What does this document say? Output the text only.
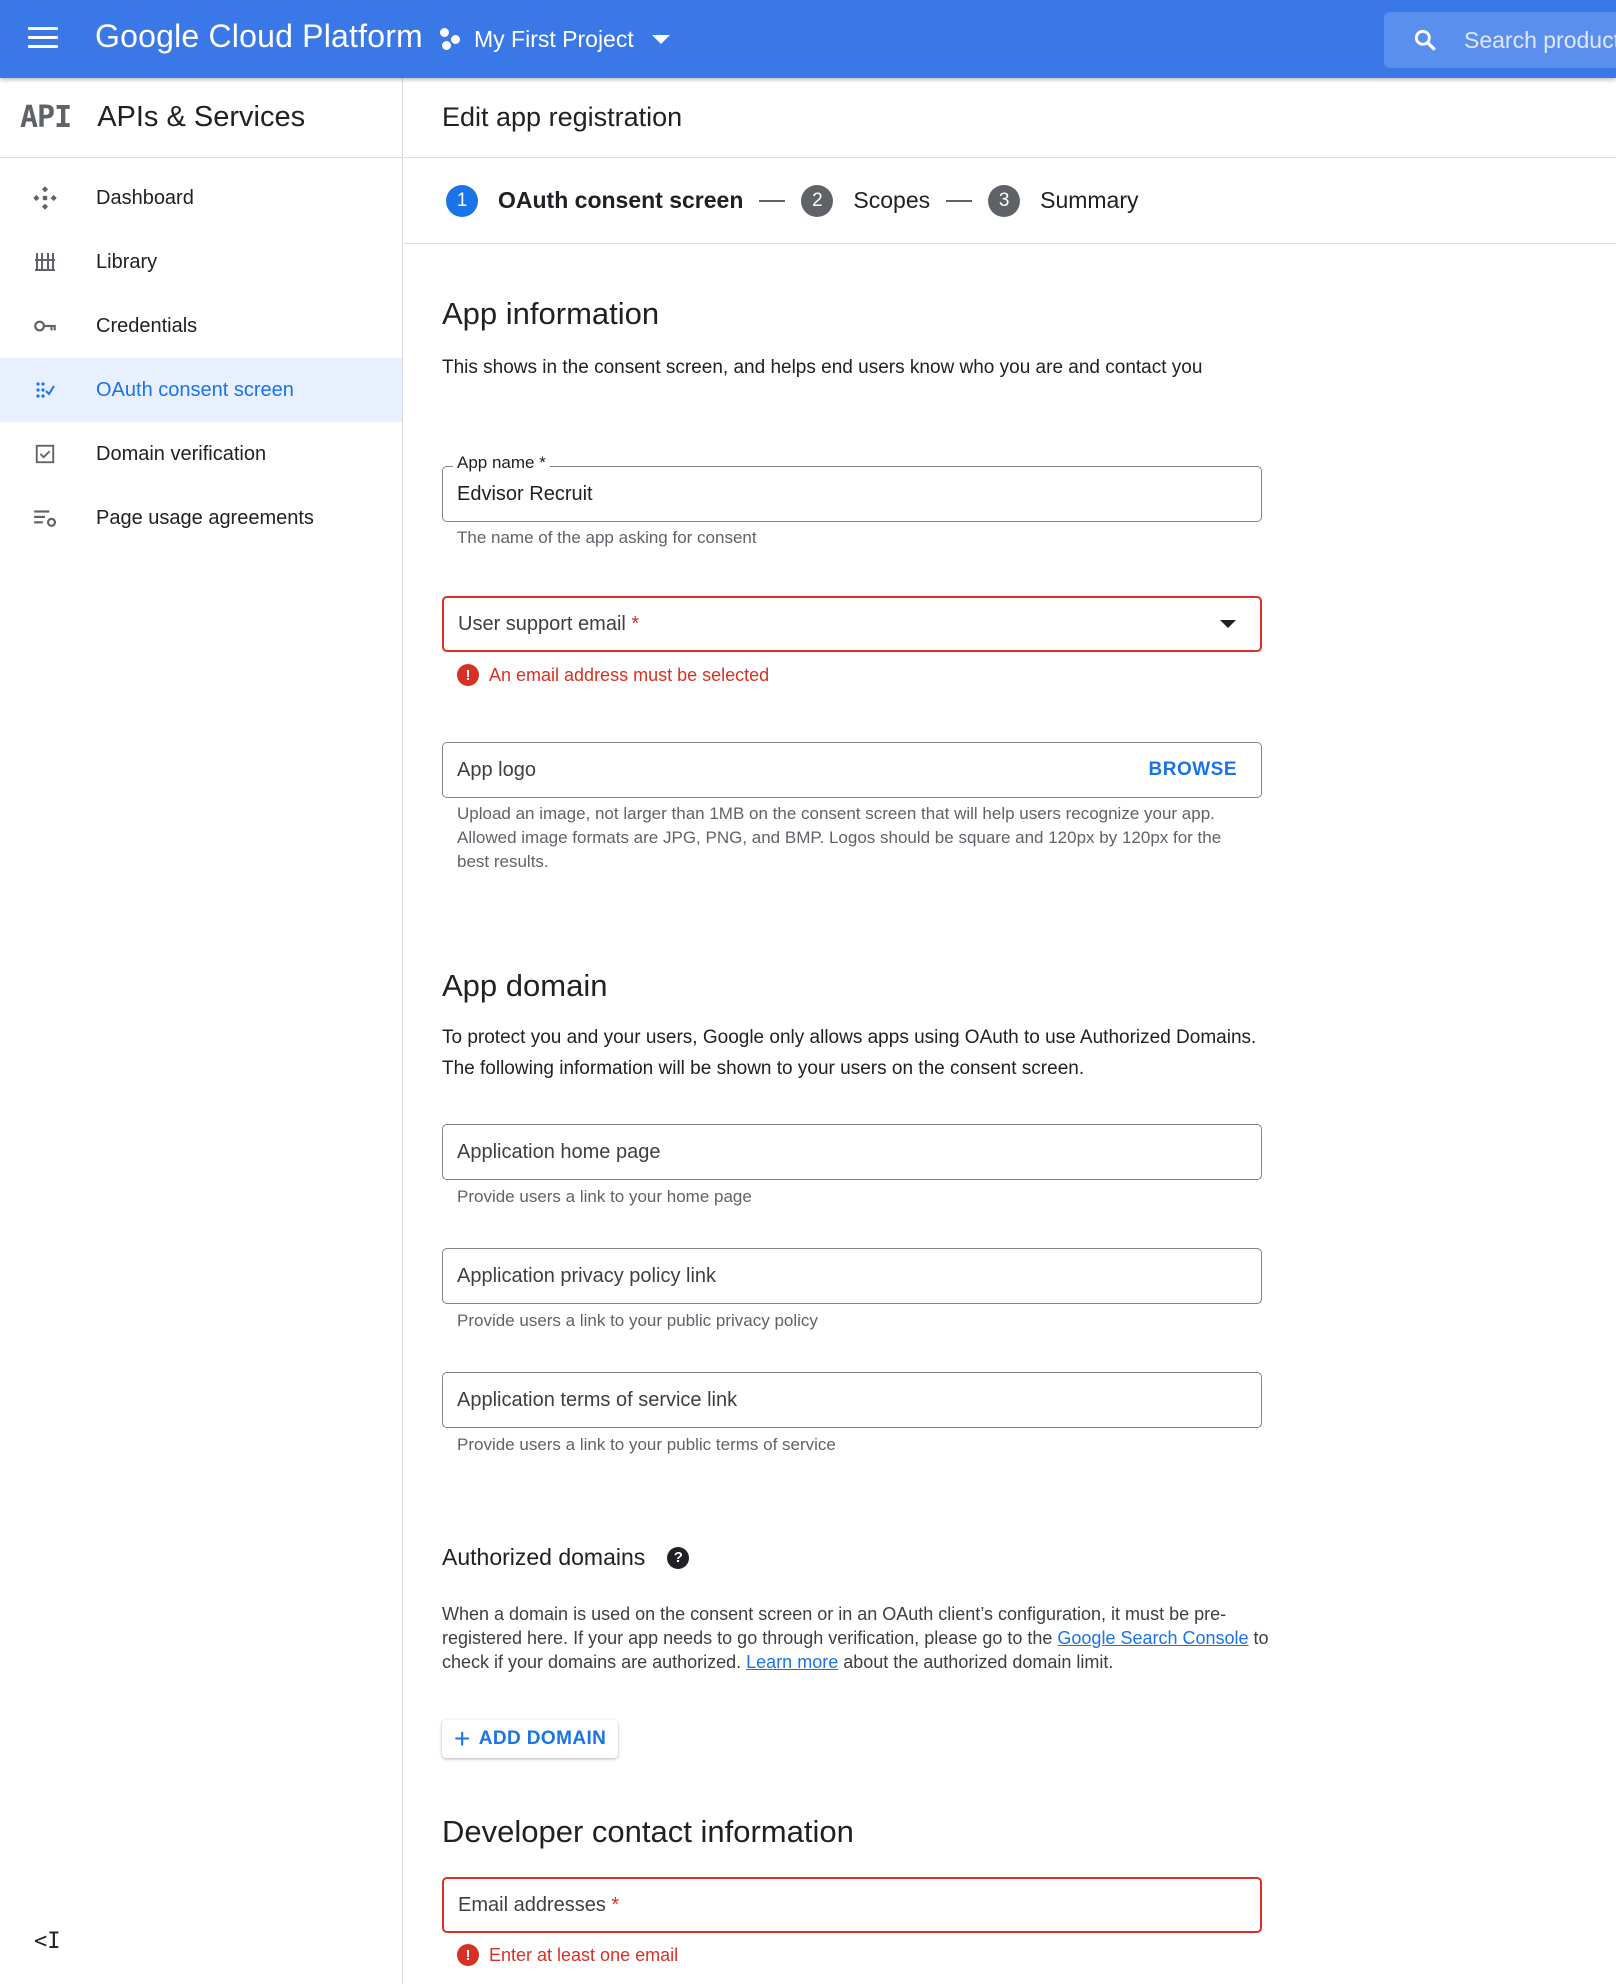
Google Cloud Platform My First Project
Search products
API APIs & Services
Dashboard
Library
Credentials
OAuth consent screen
Domain verification
Page usage agreements
<I
Edit app registration
1	OAuth consent screen	2	Scopes	3	Summary
App information

This shows in the consent screen, and helps end users know who you are and contact you

App name *
Edvisor Recruit

The name of the app asking for consent

User support email *
!	An email address must be selected
App logo	BROWSE

Upload an image, not larger than 1MB on the consent screen that will help users recognize your app. Allowed image formats are JPG, PNG, and BMP. Logos should be square and 120px by 120px for the best results.

App domain

To protect you and your users, Google only allows apps using OAuth to use Authorized Domains. The following information will be shown to your users on the consent screen.

Application home page

Provide users a link to your home page

Application privacy policy link

Provide users a link to your public privacy policy

Application terms of service link

Provide users a link to your public terms of service

Authorized domains	?

When a domain is used on the consent screen or in an OAuth client’s configuration, it must be pre-registered here. If your app needs to go through verification, please go to the Google Search Console to check if your domains are authorized. Learn more about the authorized domain limit.

+ ADD DOMAIN
Developer contact information
Email addresses *
!	Enter at least one email
